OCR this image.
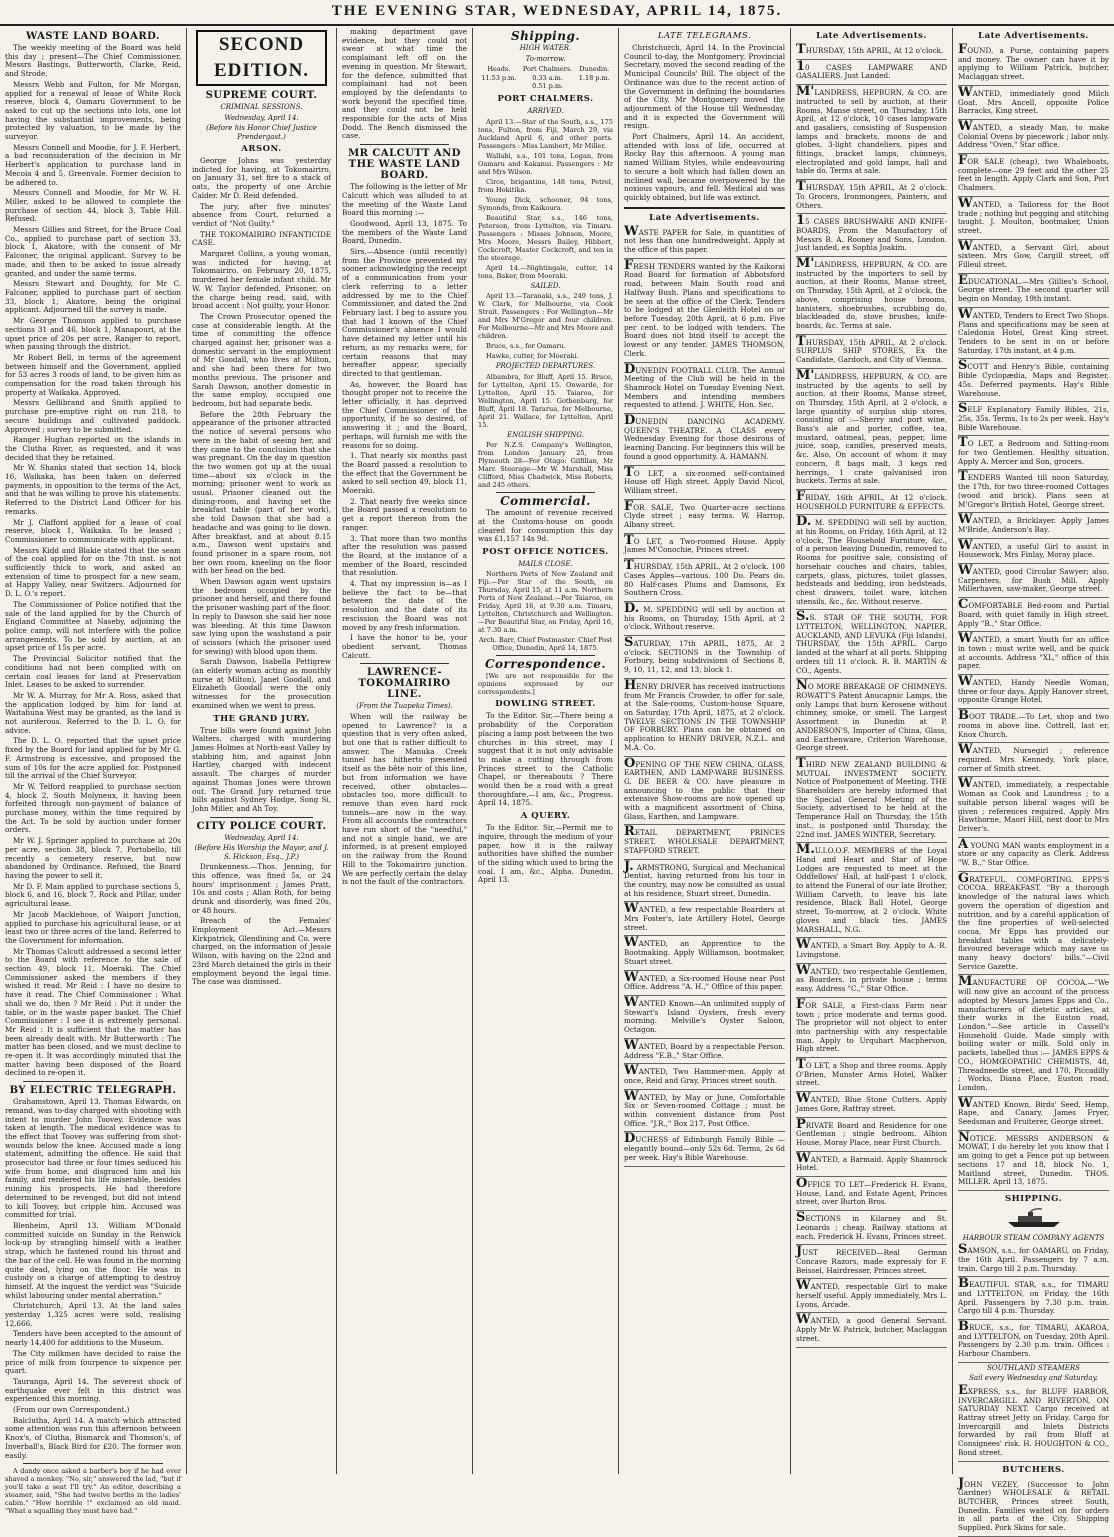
THE EVENING STAR, WEDNESDAY, APRIL 14, 1875.
WASTE LAND BOARD.

The weekly meeting of the Board was held this day ; present—The Chief Commissioner, Messrs Bastings, Butterworth, Clarke, Reid, and Strode.

Messrs Webb and Fulton, for Mr Morgan, applied for a renewal of lease of White Rock reserve, block 4, Oamaru Government to be asked to cut up the sections into lots, one lot having the substantial improvements, being protected by valuation, to be made by the surveyor.

Messrs Connell and Moodie, for J. F. Herbert, a bad reconsideration of the decision in Mr Herbert's application to purchase land in Mecoia 4 and 5, Greenvale. Former decision to be adhered to.

Messrs Connell and Moodie, for Mr W. H. Miller, asked to be allowed to complete the purchase of section 44, block 3, Table Hill. Refused.

Messrs Gillies and Street, for the Bruce Coal Co., applied to purchase part of section 33, block 1, Akatore, with the consent of Mr Falconer, the original applicant. Survey to be made, and then to be asked to issue already granted, and under the same terms.

Messrs Stewart and Doughty, for Mr C. Falconer, applied to purchase part of section 33, block 1, Akatore, being the original applicant. Adjourned till the survey is made.

Mr George Thomson applied to purchase sections 31 and 46, block 1, Manapouri, at the upset price of 20s per acre. Ranger to report, when passing through the district.

Mr Robert Bell, in terms of the agreement between himself and the Government, applied for 53 acres 3 roods of land, to be given him as compensation for the road taken through his property at Waikaka. Approved.

Messrs Gellibrand and Smith applied to purchase pre-emptive right on run 218, to secure buildings and cultivated paddock. Approved ; survey to be submitted.

Ranger Hughan reported on the islands in the Clutha River, as requested, and it was decided that they be retained.

Mr W. Shanks stated that section 14, block 16, Waikaka, has been taken on deferred payments, in opposition to the terms of the Act, and that he was willing to prove his statements. Referred to the District Land Officer for his remarks.

Mr J. Clafford applied for a lease of coal reserve, block 1, Waikaka. To be leased ; Commissioner to communicate with applicant.

Messrs Kidd and Blakie stated that the seam of the coal applied for on the 7th inst. is not sufficiently thick to work, and asked an extension of time to prospect for a new seam, at Happy Valley, near Switzers. Adjourned for D. L. O.'s report.

The Commissioner of Police notified that the sale of the land applied for by the Church of England Committee at Naseby, adjoining the police camp, will not interfere with the police arrangements. To be sold by auction, at an upset price of 15s per acre.

The Provincial Solicitor notified that the conditions had not been complied with on certain coal leases for land at Preservation Inlet. Leases to be asked to surrender.

Mr W. A. Murray, for Mr A. Ross, asked that the application lodged by him for land at Waitahuna West may be granted, as the land is not auriferous. Referred to the D. L. O. for advice.

The D. L. O. reported that the upset price fixed by the Board for land applied for by Mr G. F. Armstrong is excessive, and proposed the sum of 10s for the acre applied for. Postponed till the arrival of the Chief Surveyor.

Mr W. Telford reapplied to purchase section 4, block 2, South Molyneux, it having been forfeited through non-payment of balance of purchase money, within the time required by the Act. To be sold by auction under former orders.

Mr W. J. Springer applied to purchase at 20s per acre, section 38, block 7, Portobello, till recently a cemetery reserve, but now abandoned by Ordinance. Refused, the Board having the power to sell it.

Mr D. F. Main applied to purchase sections 5, block 6, and 16, block 7, Rock and Pillar, under agricultural lease.

Mr Jacob Macklehose, of Waipori Junction, applied to purchase his agricultural lease, or at least two or three acres of the land. Referred to the Government for information.

Mr Thomas Calcutt addressed a second letter to the Board with reference to the sale of section 49, block 11, Moeraki. The Chief Commissioner asked the members if they wished it read. Mr Reid : I have no desire to have it read. The Chief Commissioner : What shall we do, then ? Mr Reid : Put it under the table, or in the waste paper basket. The Chief Commissioner : I see it is extremely personal. Mr Reid : It is sufficient that the matter has been already dealt with. Mr Butterworth : The matter has been closed, and we must decline to re-open it. It was accordingly minuted that the matter having been disposed of the Board declined to re-open it.

BY ELECTRIC TELEGRAPH.

Grahamstown, April 13. Thomas Edwards, on remand, was to-day charged with shooting with intent to murder John Toovey. Evidence was taken at length. The medical evidence was to the effect that Toovey was suffering from shot-wounds below the knee. Accused made a long statement, admitting the offence. He said that prosecutor had three or four times seduced his wife from home, and disgraced him and his family, and rendered his life miserable, besides ruining his prospects. He had therefore determined to be revenged, but did not intend to kill Toovey, but cripple him. Accused was committed for trial.

Blenheim, April 13. William M'Donald committed suicide on Sunday in the Renwick lock-up by strangling himself with a leather strap, which he fastened round his throat and the bar of the cell. He was found in the morning quite dead, lying on the floor. He was in custody on a charge of attempting to destroy himself. At the inquest the verdict was "Suicide whilst labouring under mental aberration."

Christchurch, April 13. At the land sales yesterday 1,325 acres were sold, realising 12,666.

Tenders have been accepted to the amount of nearly 14,400 for additions to the Museum.

The City milkmen have decided to raise the price of milk from fourpence to sixpence per quart.

Tauranga, April 14. The severest shock of earthquake ever felt in this district was experienced this morning.

(From our own Correspondent.)

Balclutha, April 14. A match which attracted some attention was run this afternoon between Knox's, of Clutha, Bismarck and Thomson's, of Inverball's, Black Bird for £20. The former won easily.

A dandy once asked a barber's boy if he had ever shaved a monkey. "No, sir," answered the lad, "but if you'll take a seat I'll try." An editor, describing a steamer, said, "She had twelve berths in the ladies' cabin." "How horrible !" exclaimed an old maid. "What a squalling they must have had."

SECOND EDITION.
SUPREME COURT.
CRIMINAL SESSIONS.
Wednesday, April 14.
(Before his Honor Chief Justice Prendergast.)
ARSON.

George Johns was yesterday indicted for having, at Tokomairiro, on January 31, set fire to a stack of oats, the property of one Archie Calder. Mr D. Reid defended.

The jury, after five minutes' absence from Court, returned a verdict of "Not Guilty."

THE TOKOMAIRIRO INFANTICIDE CASE.

Margaret Collins, a young woman, was indicted for having, at Tokomairiro, on February 20, 1875, murdered her female infant child. Mr W. W. Taylor defended. Prisoner, on the charge being read, said, with broad accent : Not guilty, your Honor.

The Crown Prosecutor opened the case at considerable length. At the time of committing the offence charged against her, prisoner was a domestic servant in the employment of Mr Goodall, who lives at Milton, and she had been there for two months previous. The prisoner and Sarah Dawson, another domestic in the same employ, occupied one bedroom, but had separate beds.

Before the 28th February the appearance of the prisoner attracted the notice of several persons who were in the habit of seeing her, and they came to the conclusion that she was pregnant. On the day in question the two women got up at the usual time—about six o'clock in the morning; prisoner went to work as usual. Prisoner cleaned out the dining-room, and having set the breakfast table (part of her work), she told Dawson that she had a headache and was going to lie down. After breakfast, and at about 8.15 a.m., Dawson went upstairs and found prisoner in a spare room, not her own room, kneeling on the floor with her head on the bed.

When Dawson again went upstairs the bedroom occupied by the prisoner and herself, and there found the prisoner washing part of the floor. In reply to Dawson she said her nose was bleeding. At this time Dawson saw lying upon the washstand a pair of scissors (which the prisoner used for sewing) with blood upon them.

Sarah Dawson, Isabella Pettigrew (an elderly woman acting as monthly nurse at Milton), Janet Goodall, and Elizabeth Goodall were the only witnesses for the prosecution examined when we went to press.

THE GRAND JURY.

True bills were found against John Walters, charged with murdering James Holmes at North-east Valley by stabbing him, and against John Hartley, charged with indecent assault. The charges of murder against Thomas Jones were thrown out. The Grand Jury returned true bills against Sydney Hodge, Song Si, John Miller, and Ah Toy.

CITY POLICE COURT.
Wednesday, April 14.
(Before His Worship the Mayor, and J. S. Hickson, Esq., J.P.)

Drunkenness.—Thos. Jenning, for this offence, was fined 5s, or 24 hours' imprisonment ; James Pratt, 10s and costs ; Allan Roth, for being drunk and disorderly, was fined 20s, or 48 hours.

Breach of the Females' Employment Act.—Messrs Kirkpatrick, Glendining and Co. were charged, on the information of Jessie Wilson, with having on the 22nd and 23rd March detained the girls in their employment beyond the legal time. The case was dismissed.

making department gave evidence, but they could not swear at what time the complainant left off on the evening in question. Mr Stewart, for the defence, submitted that complainant had not been employed by the defendants to work beyond the specified time, and they could not be held responsible for the acts of Miss Dodd. The Bench dismissed the case.

MR CALCUTT AND THE WASTE LAND BOARD.

The following is the letter of Mr Calcutt which was alluded to at the meeting of the Waste Land Board this morning :—

Goodwood, April 13, 1875. To the members of the Waste Land Board, Dunedin.

Sirs,—Absence (until recently) from the Province prevented my sooner acknowledging the receipt of a communication from your clerk referring to a letter addressed by me to the Chief Commissioner, and dated the 2nd February last. I beg to assure you that had I known of the Chief Commissioner's absence I would have detained my letter until his return, as my remarks were, for certain reasons that may hereafter appear, specially directed to that gentleman.

As, however, the Board has thought proper not to receive the letter officially, it has deprived the Chief Commissioner of the opportunity, if he so desired, of answering it ; and the Board, perhaps, will furnish me with the reasons for so doing.

1. That nearly six months past the Board passed a resolution to the effect that the Government be asked to sell section 49, block 11, Moeraki.

2. That nearly five weeks since the Board passed a resolution to get a report thereon from the ranger.

3. That more than two months after the resolution was passed the Board, at the instance of a member of the Board, rescinded that resolution.

4. That my impression is—as I believe the fact to be—that between the date of the resolution and the date of its rescission the Board was not moved by any fresh information.

I have the honor to be, your obedient servant, Thomas Calcutt.

LAWRENCE-TOKOMAIRIRO LINE.
(From the Tuapeka Times).

When will the railway be opened to Lawrence? is a question that is very often asked, but one that is rather difficult to answer. The Manuka Creek tunnel has hitherto presented itself as the bête noir of this line, but from information we have received, other obstacles—obstacles too, more difficult to remove than even hard rock tunnels—are now in the way. From all accounts the contractors have run short of the "needful," and not a single hand, we are informed, is at present employed on the railway from the Round Hill to the Tokomairiro junction. We are perfectly certain the delay is not the fault of the contractors.

Shipping.
HIGH WATER.
To-morrow.
Heads.
11.53 p.m.
Port Chalmers.
0.33 a.m.
0.51 p.m.
Dunedin.
1.18 p.m.
PORT CHALMERS.
ARRIVED.

April 13.—Star of the South, s.s., 175 tons, Fulton, from Fiji, March 29, via Auckland April 6, and other ports. Passengers : Miss Lambert, Mr Miller.

Wallabi, s.s., 101 tons, Logan, from Oamaru and Kakanui. Passengers : Mr and Mrs Wilson.

Circe, brigantine, 148 tons, Petrel, from Hokitika.

Young Dick, schooner, 94 tons, Symonds, from Kaikoura.

Beautiful Star, s.s., 146 tons, Peterson, from Lyttelton, via Timaru. Passengers : Misses Johnson, Moore, Mrs Moore, Messrs Bailey, Hibbert, Cockcroft, Master Cockcroft, and ten in the steerage.

April 14.—Nightingale, cutter, 14 tons, Baker, from Moeraki.

SAILED.

April 13.—Taranaki, s.s., 249 tons, J. W. Clark, for Melbourne, via Cook Strait. Passengers : For Wellington—Mr and Mrs M'Gregor and four children. For Melbourne—Mr and Mrs Moore and children.

Bruce, s.s., for Oamaru.

Hawke, cutter, for Moeraki.

PROJECTED DEPARTURES.

Albambra, for Bluff, April 15. Bruce, for Lyttelton, April 15. Onwarde, for Lyttelton, April 15. Taiaroa, for Wellington, April 15. Gothenburg, for Bluff, April 18. Tararua, for Melbourne, April 21. Wallace, for Lyttelton, April 15.

ENGLISH SHIPPING.

Per N.Z.S. Company's Wellington, from London January 25, from Plymouth 28—For Otago: Gilfillan, Mr Marr. Steerage—Mr W. Marshall, Miss Clifford, Miss Chadwick, Miss Roberts, and 245 others.

Commercial.

The amount of revenue received at the Customs-house on goods cleared for consumption this day was £1,157 14s 9d.

POST OFFICE NOTICES.
MAILS CLOSE.

Northern Ports of New Zealand and Fiji.—Per Star of the South, on Thursday, April 15, at 11 a.m. Northern Ports of New Zealand.—Per Taiaroa, on Friday, April 16, at 9.30 a.m. Timaru, Lyttelton, Christchurch and Wellington.—Per Beautiful Star, on Friday, April 16, at 7.30 a.m.

Arch. Barr, Chief Postmaster. Chief Post Office, Dunedin, April 14, 1875.

Correspondence.

[We are not responsible for the opinions expressed by our correspondents.]

DOWLING STREET.

To the Editor. Sir,—There being a probability of the Corporation placing a lamp post between the two churches in this street, may I suggest that it is not only advisable to make a cutting through from Princes street to the Catholic Chapel, or thereabouts ? There would then be a road with a great thoroughfare.—I am, &c., Progress. April 14, 1875.

A QUERY.

To the Editor. Sir,—Permit me to inquire, through the medium of your paper, how it is the railway authorities have shifted the number of the siding which used to bring the coal. I am, &c., Alpha. Dunedin, April 13.

LATE TELEGRAMS.

Christchurch, April 14. In the Provincial Council to-day, the Montgomery, Provincial Secretary, moved the second reading of the Municipal Councils' Bill. The object of the Ordinance was due to the recent action of the Government in defining the boundaries of the City. Mr Montgomery moved the adjournment of the House till Wednesday, and it is expected the Government will resign.

Port Chalmers, April 14. An accident, attended with loss of life, occurred at Rocky Bay this afternoon. A young man named William Styles, while endeavouring to secure a bolt which had fallen down an inclined wall, became overpowered by the noxious vapours, and fell. Medical aid was quickly obtained, but life was extinct.

Late Advertisements.
WASTE PAPER for Sale, in quantities of not less than one hundredweight. Apply at the office of this paper.
FRESH TENDERS wanted by the Kaikorai Road Board for formation of Abbotsford road, between Main South road and Halfway Bush. Plans and specifications to be seen at the office of the Clerk. Tenders to be lodged at the Glenleith Hotel on or before Tuesday, 20th April, at 6 p.m. Five per cent. to be lodged with tenders. The Board does not bind itself to accept the lowest or any tender. JAMES THOMSON, Clerk.
DUNEDIN FOOTBALL CLUB. The Annual Meeting of the Club will be held in the Shamrock Hotel on Tuesday Evening Next. Members and intending members requested to attend. J. WHITE, Hon. Sec.
DUNEDIN DANCING ACADEMY. QUEEN'S THEATRE. A CLASS every Wednesday Evening for those desirous of learning Dancing. For beginners this will be found a good opportunity. A. HAMANN.
TO LET, a six-roomed self-contained House off High street. Apply David Nicol, William street.
FOR SALE, Two Quarter-acre sections Clyde street ; easy terms. W. Harrop, Albany street.
TO LET, a Two-roomed House. Apply James M'Conochie, Princes street.
THURSDAY, 15th APRIL, At 2 o'clock. 100 Cases Apples—various. 100 Do. Pears do. 80 Half-cases Plums and Damsons, Ex Southern Cross.
D. M. SPEDDING will sell by auction at his Rooms, on Thursday, 15th April, at 2 o'clock. Without reserve.
SATURDAY, 17th APRIL, 1875, At 2 o'clock. SECTIONS in the Township of Forbury, being subdivisions of Sections 8, 9, 10, 11, 12, and 13, block 1.
HENRY DRIVER has received instructions from Mr Francis Crowder, to offer for sale, at the Sale-rooms, Custom-house Square, on Saturday, 17th April, 1875, at 2 o'clock. TWELVE SECTIONS IN THE TOWNSHIP OF FORBURY. Plans can be obtained on application to HENRY DRIVER, N.Z.L. and M.A. Co.
OPENING OF THE NEW CHINA, GLASS, EARTHEN, AND LAMP-WARE BUSINESS. G. DE BEER & CO. have pleasure in announcing to the public that their extensive Show-rooms are now opened up with a magnificent assortment of China, Glass, Earthen, and Lampware.
RETAIL DEPARTMENT, PRINCES STREET. WHOLESALE DEPARTMENT, STAFFORD STREET.
J. ARMSTRONG, Surgical and Mechanical Dentist, having returned from his tour in the country, may now be consulted as usual at his residence, Stuart street, Dunedin.
WANTED, a few respectable Boarders at Mrs Foster's, late Artillery Hotel, George street.
WANTED, an Apprentice to the Bootmaking. Apply Williamson, bootmaker, Stuart street.
WANTED, a Six-roomed House near Post Office. Address "A. H.," Office of this paper.
WANTED Known—An unlimited supply of Stewart's Island Oysters, fresh every morning. Melville's Oyster Saloon, Octagon.
WANTED, Board by a respectable Person. Address "E.B.," Star Office.
WANTED, Two Hammer-men. Apply at once, Reid and Gray, Princes street south.
WANTED, by May or June, Comfortable Six or Seven-roomed Cottage ; must be within convenient distance from Post Office. "J.R.," Box 217, Post Office.
DUCHESS of Edinburgh Family Bible —elegantly bound—only 52s 6d. Terms, 2s 6d per week. Hay's Bible Warehouse.
Late Advertisements.
THURSDAY, 15th APRIL, At 12 o'clock.
10 CASES LAMPWARE AND GASALIERS. Just Landed.
M'LANDRESS, HEPBURN, & CO. are instructed to sell by auction, at their Rooms, Manse street, on Thursday, 15th April, at 12 o'clock, 10 cases lampware and gasaliers, consisting of Suspension lamps and brackets, moons de and globes, 3-light chandeliers, pipes and fittings, bracket lamps, chimneys, electroplated and gold lamps, hall and table do. Terms at sale.
THURSDAY, 15th APRIL, At 2 o'clock. To Grocers, Ironmongers, Painters, and Others.
15 CASES BRUSHWARE AND KNIFE-BOARDS, From the Manufactory of Messrs B. A. Rooney and Sons, London. Just landed, ex Sophia Joakim.
M'LANDRESS, HEPBURN, & CO. are instructed by the importers to sell by auction, at their Rooms, Manse street, on Thursday, 15th April, at 2 o'clock, the above, comprising house brooms, banisters, shoebrushes, scrubbing do, blackleaded do, stove brushes, knife-boards, &c. Terms at sale.
THURSDAY, 15th APRIL, At 2 o'clock. SURPLUS SHIP STORES, Ex the Candidate, Gardoch, and City of Vienna.
M'LANDRESS, HEPBURN, & CO. are instructed by the agents to sell by auction, at their Rooms, Manse street, on Thursday, 15th April, at 2 o'clock, a large quantity of surplus ship stores, consisting of :—Sherry and port wine, Bass's ale and porter, coffee, tea, mustard, oatmeal, peas, pepper, lime juice, soap, candles, preserved meats, &c. Also, On account of whom it may concern, 8 bags malt, 3 kegs red herrings, 1 crate galvanised iron buckets. Terms at sale.
FRIDAY, 16th APRIL, At 12 o'clock. HOUSEHOLD FURNITURE & EFFECTS.
D. M. SPEDDING will sell by auction, at his Rooms, on Friday, 16th April, at 12 o'clock, The Household Furniture, &c., of a person leaving Dunedin, removed to Rooms for positive sale, consisting of horsehair couches and chairs, tables, carpets, glass, pictures, toilet glasses, bedsteads and bedding, iron bedsteads, chest drawers, toilet ware, kitchen utensils, &c., &c. Without reserve.
S.S. STAR OF THE SOUTH, FOR LYTTELTON, WELLINGTON, NAPIER, AUCKLAND, AND LEVUKA (Fiji Islands), THURSDAY, the 15th APRIL. Cargo landed at the wharf at all ports. Shipping orders till 11 o'clock. R. B. MARTIN & CO., Agents.
NO MORE BREAKAGE OF CHIMNEYS. ROWATT'S Patent Anucapnic Lamps, the only Lamps that burn Kerosene without chimney, smoke, or smell. The Largest Assortment in Dunedin at P. ANDERSON'S, Importer of China, Glass, and Earthenware, Criterion Warehouse, George street.
THIRD NEW ZEALAND BUILDING & MUTUAL INVESTMENT SOCIETY. Notice of Postponement of Meeting. THE Shareholders are hereby informed that the Special General Meeting of the Society, advertised to be held at the Temperance Hall on Thursday, the 15th inst., is postponed until Thursday, the 22nd inst. JAMES WINTER, Secretary.
M.U.I.O.O.F. MEMBERS of the Loyal Hand and Heart and Star of Hope Lodges are requested to meet at the Oddfellows' Hall, at half-past 1 o'clock, to attend the Funeral of our late Brother, William Carveth, to leave his late residence, Black Ball Hotel, George street, To-morrow, at 2 o'clock. White gloves and black ties. JAMES MARSHALL, N.G.
WANTED, a Smart Boy. Apply to A. R. Livingstone.
WANTED, two respectable Gentlemen, as Boarders, in private house ; terms easy. Address "C.," Star Office.
FOR SALE, a First-class Farm near town ; price moderate and terms good. The proprietor will not object to enter into partnership with any respectable man. Apply to Urquhart Macpherson, High street.
TO LET, a Shop and three rooms. Apply O'Brien, Munster Arms Hotel, Walker street.
WANTED, Blue Stone Cutters. Apply James Gore, Rattray street.
PRIVATE Board and Residence for one Gentleman ; single bedroom. Albion House, Moray Place, near First Church.
WANTED, a Barmaid. Apply Shamrock Hotel.
OFFICE TO LET—Frederick H. Evans, House, Land, and Estate Agent, Princes street, over Burton Bros.
SECTIONS in Kilarney and St. Leonards ; cheap. Railway stations at each. Frederick H. Evans, Princes street.
JUST RECEIVED—Real German Concave Razors, made expressly for F. Beissel, Hairdresser, Princes street.
WANTED, respectable Girl to make herself useful. Apply immediately, Mrs L. Lyons, Arcade.
WANTED, a good General Servant. Apply Mr W. Patrick, butcher, Maclaggan street.
Late Advertisements.
FOUND, a Purse, containing papers and money. The owner can have it by applying to William Patrick, butcher, Maclaggan street.
WANTED, immediately good Milch Goat. Mrs Ancell, opposite Police Barracks, King street.
WANTED, a steady Man, to make Colonial Ovens by piecework ; labor only. Address "Oven," Star office.
FOR SALE (cheap), two Whaleboats, complete—one 29 feet and the other 25 feet in length. Apply Clark and Son, Port Chalmers.
WANTED, a Tailoress for the Boot trade ; nothing but pegging and stitching taught. J. Moulton, bootmaker, Union street.
WANTED, a Servant Girl, about sixteen. Mrs Gow, Cargill street, off Filleul street.
EDUCATIONAL.—Mrs Gillies's School, George street. The second quarter will begin on Monday, 19th instant.
WANTED, Tenders to Erect Two Shops. Plans and specifications may be seen at Caledonia Hotel, Great King street. Tenders to be sent in on or before Saturday, 17th instant, at 4 p.m.
SCOTT and Henry's Bible, containing Bible Cyclopædia, Maps and Register, 45s. Deferred payments. Hay's Bible Warehouse.
SELF Explanatory Family Bibles, 21s, 25s, 35s. Terms, 1s to 2s per week. Hay's Bible Warehouse.
TO LET, a Bedroom and Sitting-room for two Gentlemen. Healthy situation. Apply A. Mercer and Son, grocers.
TENDERS Wanted till noon Saturday, the 17th, for two three-roomed Cottages (wood and brick). Plans seen at M'Gregor's British Hotel, George street.
WANTED, a Bricklayer. Apply James M'Bride, Anderson's Bay.
WANTED, a useful Girl to assist in Housework. Mrs Finlay, Moray place.
WANTED, good Circular Sawyer; also, Carpenters, for Bush Mill. Apply Millerhaven, saw-maker, George street.
COMFORTABLE Bed-room and Partial Board, with quiet family in High street. Apply "B.," Star Office.
WANTED, a smart Youth for an office in town ; must write well, and be quick at accounts. Address "XL," office of this paper.
WANTED, Handy Needle Woman, three or four days. Apply Hanover street, opposite Grange Hotel.
BOOT TRADE.—To Let, shop and two rooms in above line. Cottrell, last er, Knox Church.
WANTED, Nursegirl ; reference required. Mrs Kennedy, York place, corner of Smith street.
WANTED, immediately, a respectable Woman as Cook and Laundress ; to a suitable person liberal wages will be given ; references required. Apply Mrs Hawthorne, Maori Hill, next door to Mrs Driver's.
A YOUNG MAN wants employment in a store or any capacity as Clerk. Address "W. B.," Star Office.
GRATEFUL. COMFORTING. EPPS'S COCOA. BREAKFAST. "By a thorough knowledge of the natural laws which govern the operation of digestion and nutrition, and by a careful application of the fine properties of well-selected cocoa, Mr Epps has provided our breakfast tables with a delicately-flavoured beverage which may save us many heavy doctors' bills."—Civil Service Gazette.
MANUFACTURE OF COCOA.—"We will now give an account of the process adopted by Messrs James Epps and Co., manufacturers of dietetic articles, at their works in the Euston road, London."—See article in Cassell's Household Guide. Made simply with boiling water or milk. Sold only in packets, labelled thus :— JAMES EPPS & CO., HOMŒOPATHIC CHEMISTS, 48, Threadneedle street, and 170, Piccadilly ; Works, Diana Place, Euston road, London.
WANTED Known, Birds' Seed, Hemp, Rape, and Canary. James Fryer, Seedsman and Fruiterer, George street.
NOTICE. MESSRS ANDERSON & MOWAT, I do hereby let you know that I am going to get a Fence put up between sections 17 and 18, block No. 1, Maitland street, Dunedin. THOS. MILLER. April 13, 1875.
SHIPPING.
HARBOUR STEAM COMPANY AGENTS
SAMSON, s.s., for OAMARU, on Friday, the 16th April. Passengers by 7 a.m. train. Cargo till 2 p.m. Thursday.
BEAUTIFUL STAR, s.s., for TIMARU and LYTTELTON, on Friday, the 16th April. Passengers by 7.30 p.m. train. Cargo till 4 p.m. Thursday.
BRUCE, s.s., for TIMARU, AKAROA, and LYTTELTON, on Tuesday, 20th April. Passengers by 2.30 p.m. train. Offices : Harbour Chambers.
SOUTHLAND STEAMERS
Sail every Wednesday and Saturday.
EXPRESS, s.s., for BLUFF HARBOR, INVERCARGILL AND RIVERTON, ON SATURDAY NEXT. Cargo received at Rattray street Jetty on Friday. Cargo for Invercargill and Inlets Districts forwarded by rail from Bluff at Consignees' risk. H. HOUGHTON & CO., Bond street.
BUTCHERS.
JOHN VEZEY, (Successor to John Gardner) WHOLESALE & RETAIL BUTCHER, Princes street South, Dunedin. Families waited on for orders in all parts of the City. Shipping Supplied. Pork Skins for sale.
